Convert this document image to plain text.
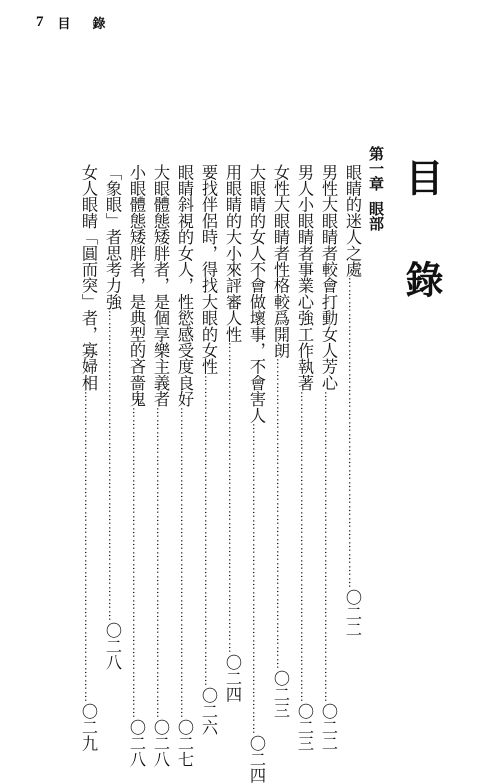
7 目 錄
目錄
第一章
眼部
眼睛的迷人之處
……………………………………………………………………
〇二二
男性大眼睛者較會打動女人芳心
……………………………………………………………………
〇二二
男人小眼睛者事業心強工作執著
……………………………………………………………………
〇二三
女性大眼睛者性格較爲開朗
……………………………………………………………………
〇二三
大眼睛的女人不會做壞事，不會害人
……………………………………………………………………
〇二四
用眼睛的大小來評審人性
……………………………………………………………………
〇二四
要找伴侶時，得找大眼的女性
……………………………………………………………………
〇二六
眼睛斜視的女人，性慾感受度良好
……………………………………………………………………
〇二七
大眼體態矮胖者，是個享樂主義者
……………………………………………………………………
〇二八
小眼體態矮胖者，是典型的吝嗇鬼
……………………………………………………………………
〇二八
「象眼」者思考力強
……………………………………………………………………
〇二八
女人眼睛「圓而突」者，寡婦相
……………………………………………………………………
〇二九
